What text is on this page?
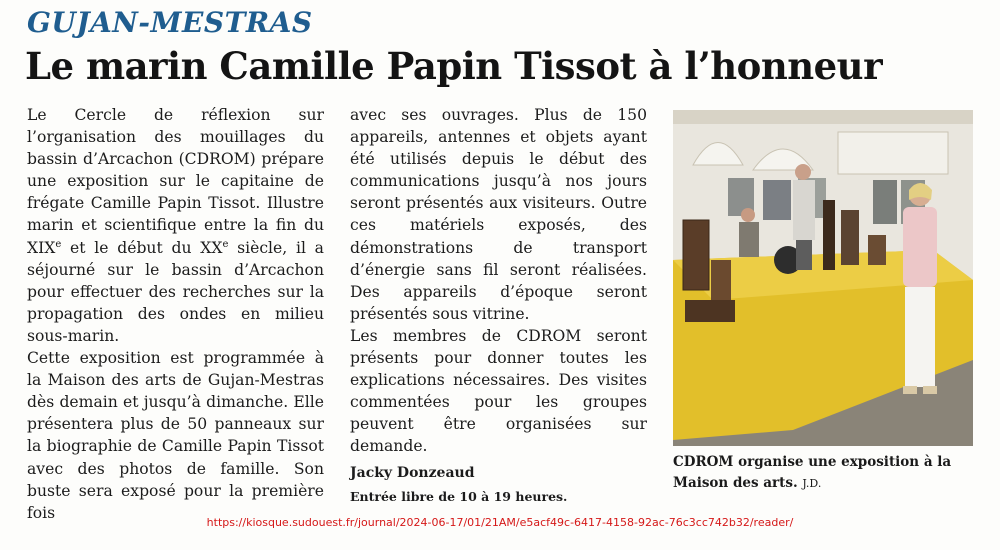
GUJAN-MESTRAS
Le marin Camille Papin Tissot à l’honneur

Le Cercle de réflexion sur l’organisation des mouillages du bassin d’Arcachon (CDROM) prépare une exposition sur le capitaine de frégate Camille Papin Tissot. Illustre marin et scientifique entre la fin du XIXe et le début du XXe siècle, il a séjourné sur le bassin d’Arcachon pour effectuer des recherches sur la propagation des ondes en milieu sous-marin.

Cette exposition est programmée à la Maison des arts de Gujan-Mestras dès demain et jusqu’à dimanche. Elle présentera plus de 50 panneaux sur la biographie de Camille Papin Tissot avec des photos de famille. Son buste sera exposé pour la première fois

avec ses ouvrages. Plus de 150 appareils, antennes et objets ayant été utilisés depuis le début des communications jusqu’à nos jours seront présentés aux visiteurs. Outre ces matériels exposés, des démonstrations de transport d’énergie sans fil seront réalisées. Des appareils d’époque seront présentés sous vitrine.

Les membres de CDROM seront présents pour donner toutes les explications nécessaires. Des visites commentées pour les groupes peuvent être organisées sur demande.

Jacky Donzeaud
Entrée libre de 10 à 19 heures.
CDROM organise une exposition à la Maison des arts. J.D.
https://kiosque.sudouest.fr/journal/2024-06-17/01/21AM/e5acf49c-6417-4158-92ac-76c3cc742b32/reader/
